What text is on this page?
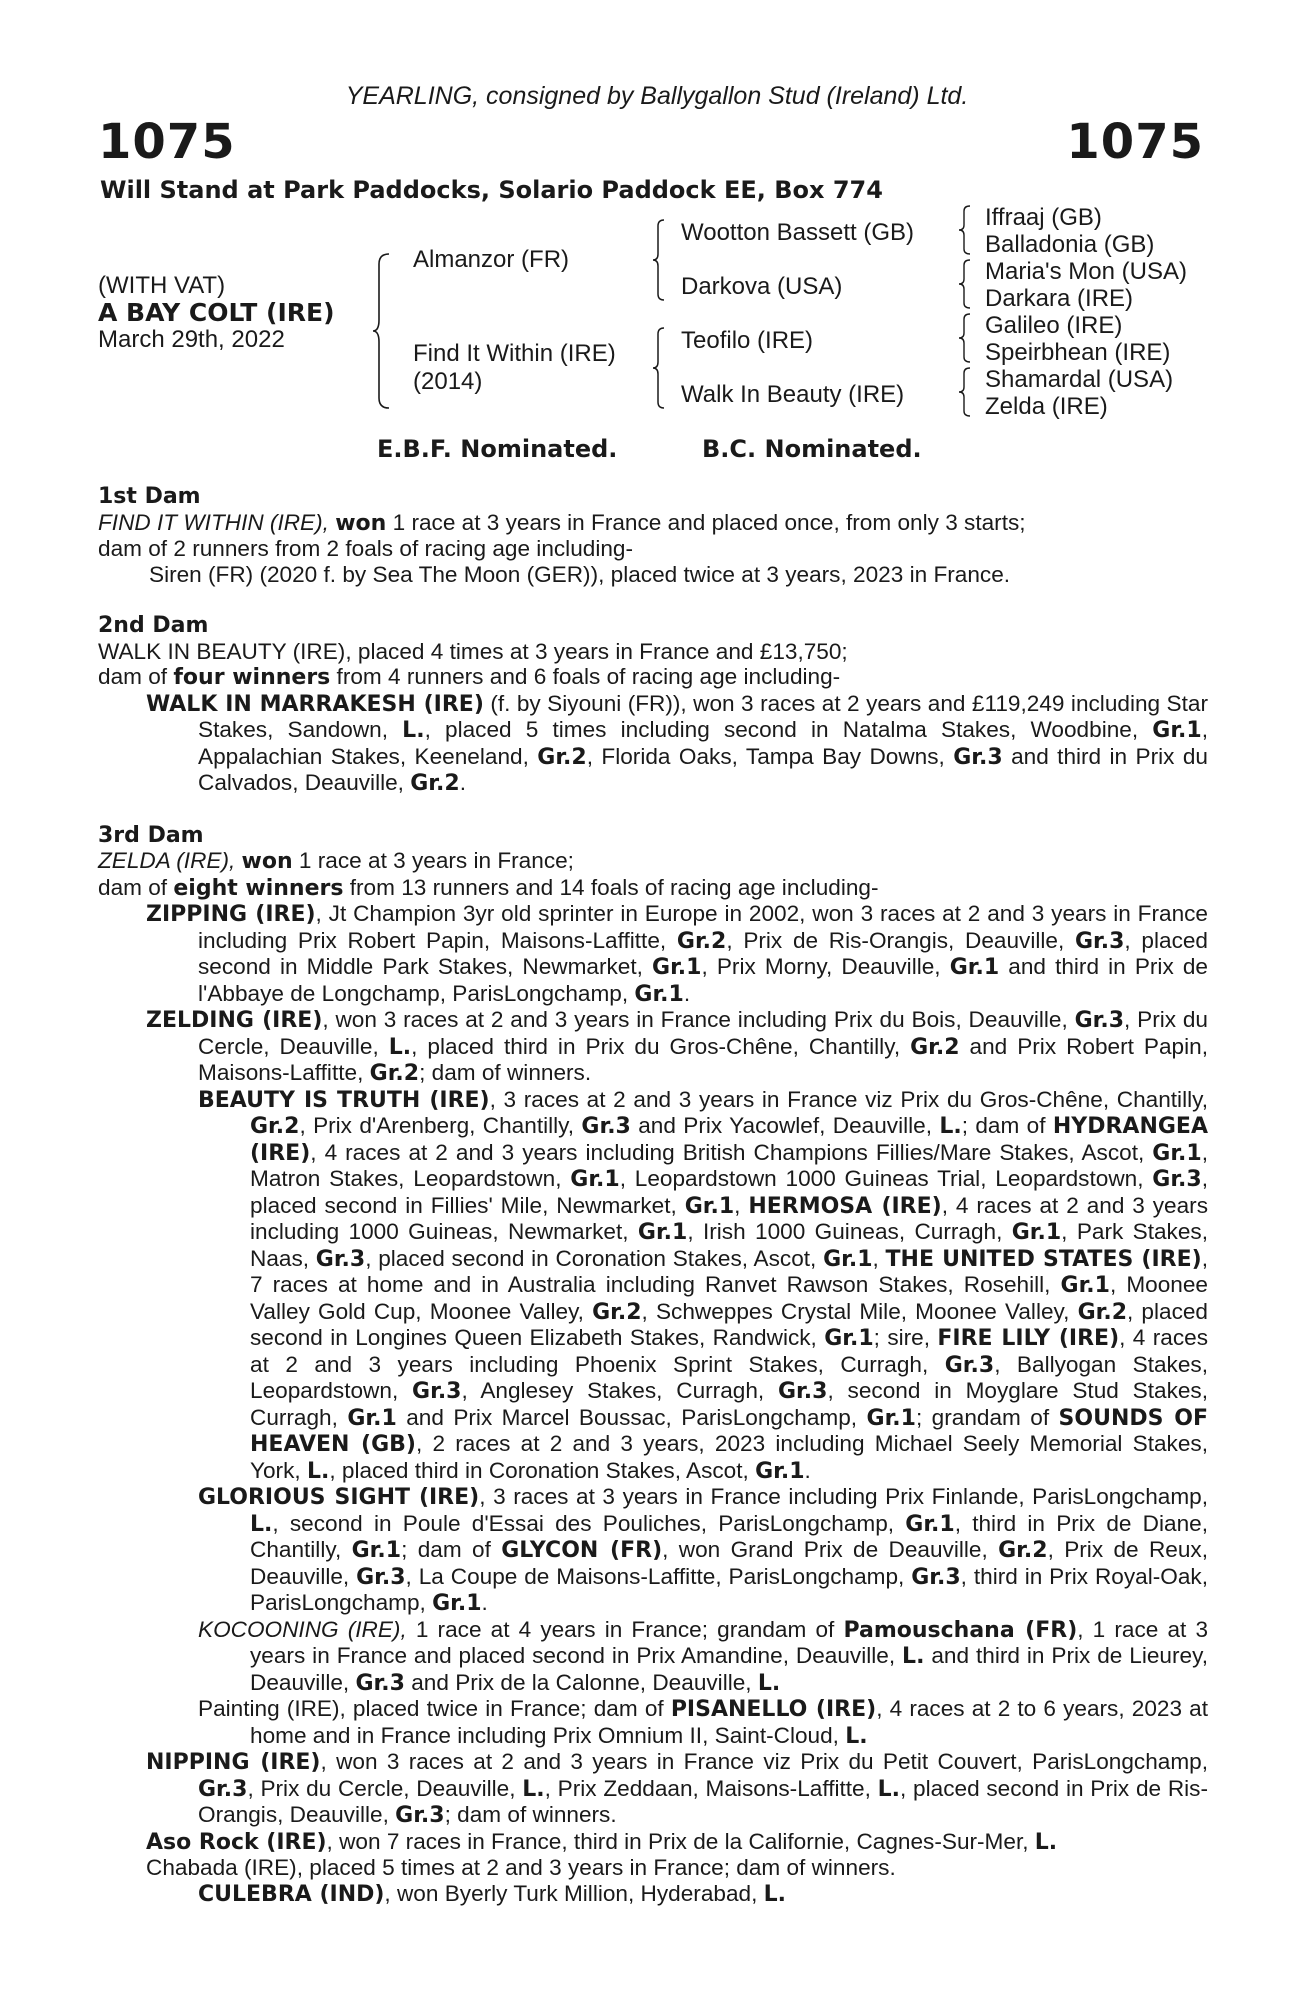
YEARLING, consigned by Ballygallon Stud (Ireland) Ltd.
1075	1075
Will Stand at Park Paddocks, Solario Paddock EE, Box 774
(WITH VAT)
A BAY COLT (IRE)
March 29th, 2022
Almanzor (FR)
Find It Within (IRE)
(2014)
Wootton Bassett (GB)
Darkova (USA)
Teofilo (IRE)
Walk In Beauty (IRE)
Iffraaj (GB)
Balladonia (GB)
Maria's Mon (USA)
Darkara (IRE)
Galileo (IRE)
Speirbhean (IRE)
Shamardal (USA)
Zelda (IRE)
E.B.F. Nominated.	B.C. Nominated.

1st Dam

FIND IT WITHIN (IRE), won 1 race at 3 years in France and placed once, from only 3 starts;

dam of 2 runners from 2 foals of racing age including-

Siren (FR) (2020 f. by Sea The Moon (GER)), placed twice at 3 years, 2023 in France.

2nd Dam

WALK IN BEAUTY (IRE), placed 4 times at 3 years in France and £13,750;

dam of four winners from 4 runners and 6 foals of racing age including-

WALK IN MARRAKESH (IRE) (f. by Siyouni (FR)), won 3 races at 2 years and £119,249 including Star Stakes, Sandown, L., placed 5 times including second in Natalma Stakes, Woodbine, Gr.1, Appalachian Stakes, Keeneland, Gr.2, Florida Oaks, Tampa Bay Downs, Gr.3 and third in Prix du Calvados, Deauville, Gr.2.

3rd Dam

ZELDA (IRE), won 1 race at 3 years in France;

dam of eight winners from 13 runners and 14 foals of racing age including-

ZIPPING (IRE), Jt Champion 3yr old sprinter in Europe in 2002, won 3 races at 2 and 3 years in France including Prix Robert Papin, Maisons-Laffitte, Gr.2, Prix de Ris-Orangis, Deauville, Gr.3, placed second in Middle Park Stakes, Newmarket, Gr.1, Prix Morny, Deauville, Gr.1 and third in Prix de l'Abbaye de Longchamp, ParisLongchamp, Gr.1.

ZELDING (IRE), won 3 races at 2 and 3 years in France including Prix du Bois, Deauville, Gr.3, Prix du Cercle, Deauville, L., placed third in Prix du Gros-Chêne, Chantilly, Gr.2 and Prix Robert Papin, Maisons-Laffitte, Gr.2; dam of winners.

BEAUTY IS TRUTH (IRE), 3 races at 2 and 3 years in France viz Prix du Gros-Chêne, Chantilly, Gr.2, Prix d'Arenberg, Chantilly, Gr.3 and Prix Yacowlef, Deauville, L.; dam of HYDRANGEA (IRE), 4 races at 2 and 3 years including British Champions Fillies/Mare Stakes, Ascot, Gr.1, Matron Stakes, Leopardstown, Gr.1, Leopardstown 1000 Guineas Trial, Leopardstown, Gr.3, placed second in Fillies' Mile, Newmarket, Gr.1, HERMOSA (IRE), 4 races at 2 and 3 years including 1000 Guineas, Newmarket, Gr.1, Irish 1000 Guineas, Curragh, Gr.1, Park Stakes, Naas, Gr.3, placed second in Coronation Stakes, Ascot, Gr.1, THE UNITED STATES (IRE), 7 races at home and in Australia including Ranvet Rawson Stakes, Rosehill, Gr.1, Moonee Valley Gold Cup, Moonee Valley, Gr.2, Schweppes Crystal Mile, Moonee Valley, Gr.2, placed second in Longines Queen Elizabeth Stakes, Randwick, Gr.1; sire, FIRE LILY (IRE), 4 races at 2 and 3 years including Phoenix Sprint Stakes, Curragh, Gr.3, Ballyogan Stakes, Leopardstown, Gr.3, Anglesey Stakes, Curragh, Gr.3, second in Moyglare Stud Stakes, Curragh, Gr.1 and Prix Marcel Boussac, ParisLongchamp, Gr.1; grandam of SOUNDS OF HEAVEN (GB), 2 races at 2 and 3 years, 2023 including Michael Seely Memorial Stakes, York, L., placed third in Coronation Stakes, Ascot, Gr.1.

GLORIOUS SIGHT (IRE), 3 races at 3 years in France including Prix Finlande, ParisLongchamp, L., second in Poule d'Essai des Pouliches, ParisLongchamp, Gr.1, third in Prix de Diane, Chantilly, Gr.1; dam of GLYCON (FR), won Grand Prix de Deauville, Gr.2, Prix de Reux, Deauville, Gr.3, La Coupe de Maisons-Laffitte, ParisLongchamp, Gr.3, third in Prix Royal-Oak, ParisLongchamp, Gr.1.

KOCOONING (IRE), 1 race at 4 years in France; grandam of Pamouschana (FR), 1 race at 3 years in France and placed second in Prix Amandine, Deauville, L. and third in Prix de Lieurey, Deauville, Gr.3 and Prix de la Calonne, Deauville, L.

Painting (IRE), placed twice in France; dam of PISANELLO (IRE), 4 races at 2 to 6 years, 2023 at home and in France including Prix Omnium II, Saint-Cloud, L.

NIPPING (IRE), won 3 races at 2 and 3 years in France viz Prix du Petit Couvert, ParisLongchamp, Gr.3, Prix du Cercle, Deauville, L., Prix Zeddaan, Maisons-Laffitte, L., placed second in Prix de Ris-Orangis, Deauville, Gr.3; dam of winners.

Aso Rock (IRE), won 7 races in France, third in Prix de la Californie, Cagnes-Sur-Mer, L.

Chabada (IRE), placed 5 times at 2 and 3 years in France; dam of winners.

CULEBRA (IND), won Byerly Turk Million, Hyderabad, L.
